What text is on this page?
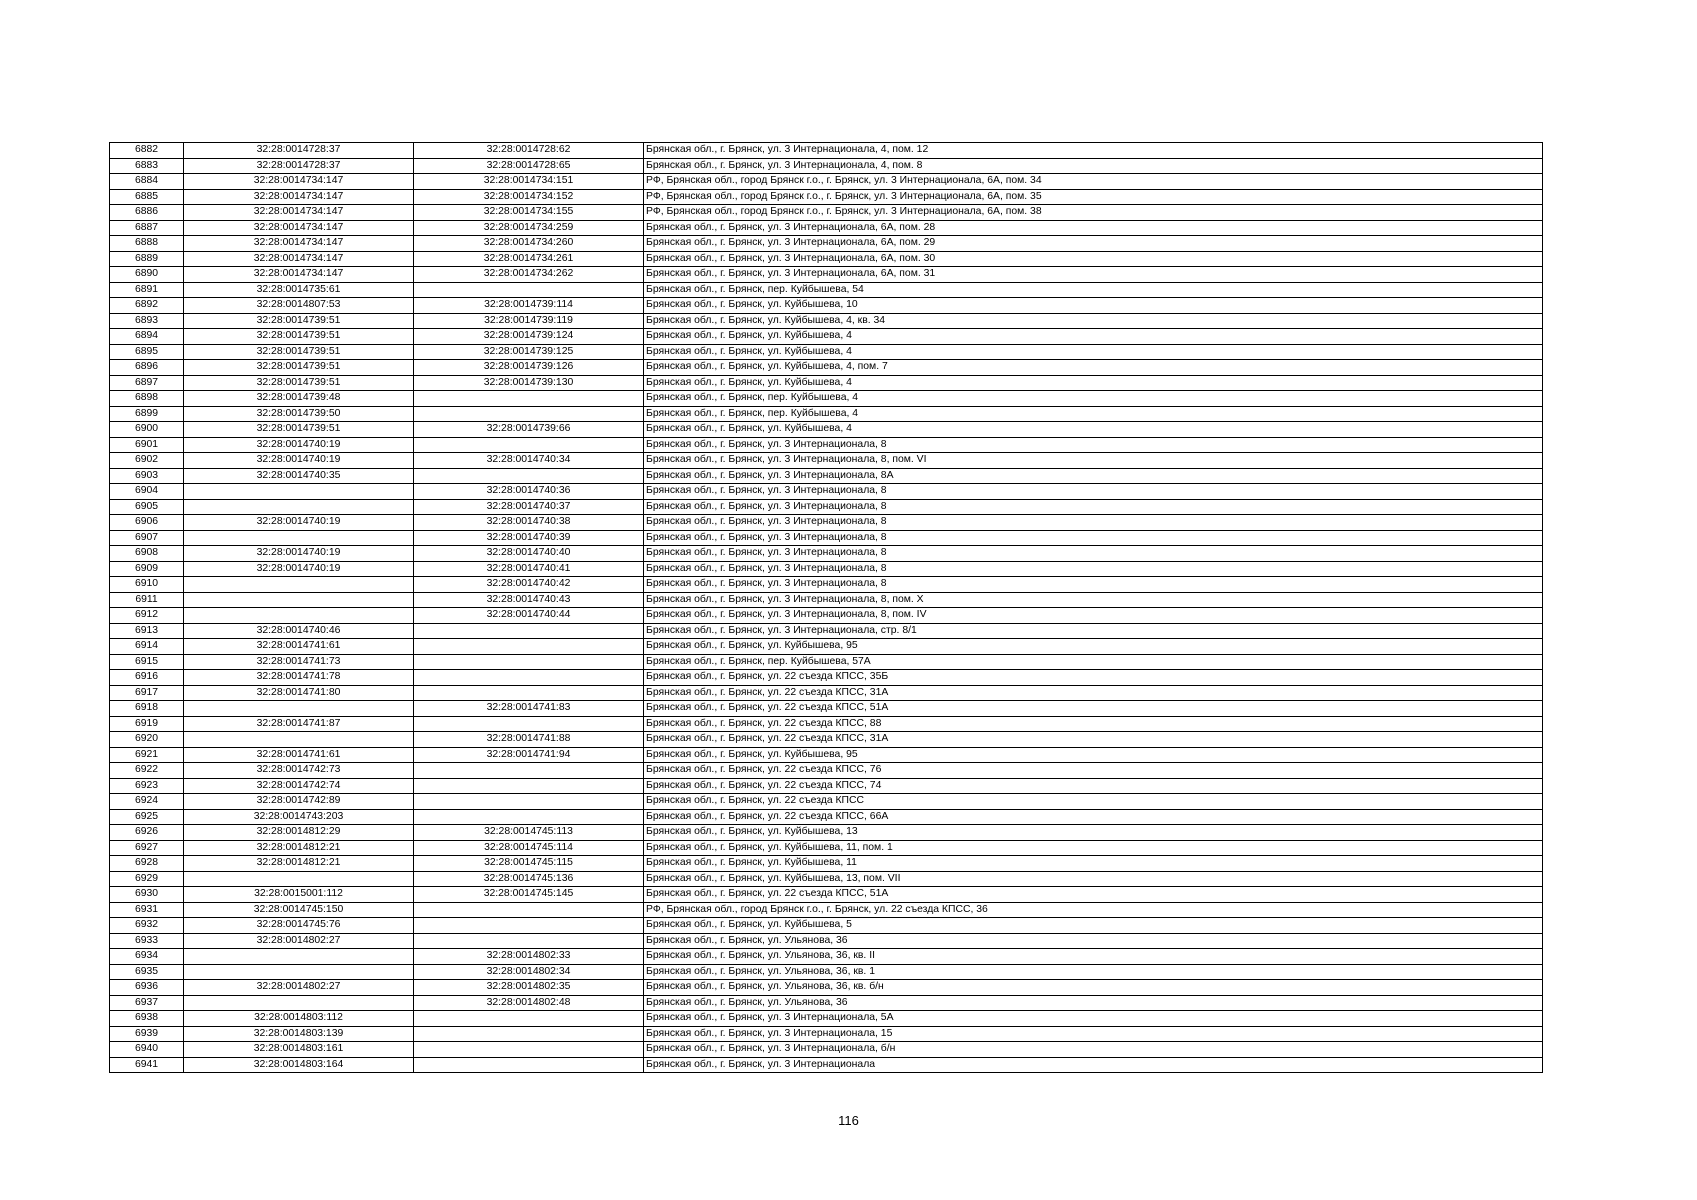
6882	32:28:0014728:37	32:28:0014728:62	Брянская обл., г. Брянск, ул. 3 Интернационала, 4, пом. 12
6883	32:28:0014728:37	32:28:0014728:65	Брянская обл., г. Брянск, ул. 3 Интернационала, 4, пом. 8
6884	32:28:0014734:147	32:28:0014734:151	РФ, Брянская обл., город Брянск г.о., г. Брянск, ул. 3 Интернационала, 6А, пом. 34
6885	32:28:0014734:147	32:28:0014734:152	РФ, Брянская обл., город Брянск г.о., г. Брянск, ул. 3 Интернационала, 6А, пом. 35
6886	32:28:0014734:147	32:28:0014734:155	РФ, Брянская обл., город Брянск г.о., г. Брянск, ул. 3 Интернационала, 6А, пом. 38
6887	32:28:0014734:147	32:28:0014734:259	Брянская обл., г. Брянск, ул. 3 Интернационала, 6А, пом. 28
6888	32:28:0014734:147	32:28:0014734:260	Брянская обл., г. Брянск, ул. 3 Интернационала, 6А, пом. 29
6889	32:28:0014734:147	32:28:0014734:261	Брянская обл., г. Брянск, ул. 3 Интернационала, 6А, пом. 30
6890	32:28:0014734:147	32:28:0014734:262	Брянская обл., г. Брянск, ул. 3 Интернационала, 6А, пом. 31
6891	32:28:0014735:61		Брянская обл., г. Брянск, пер. Куйбышева, 54
6892	32:28:0014807:53	32:28:0014739:114	Брянская обл., г. Брянск, ул. Куйбышева, 10
6893	32:28:0014739:51	32:28:0014739:119	Брянская обл., г. Брянск, ул. Куйбышева, 4, кв. 34
6894	32:28:0014739:51	32:28:0014739:124	Брянская обл., г. Брянск, ул. Куйбышева, 4
6895	32:28:0014739:51	32:28:0014739:125	Брянская обл., г. Брянск, ул. Куйбышева, 4
6896	32:28:0014739:51	32:28:0014739:126	Брянская обл., г. Брянск, ул. Куйбышева, 4, пом. 7
6897	32:28:0014739:51	32:28:0014739:130	Брянская обл., г. Брянск, ул. Куйбышева, 4
6898	32:28:0014739:48		Брянская обл., г. Брянск, пер. Куйбышева, 4
6899	32:28:0014739:50		Брянская обл., г. Брянск, пер. Куйбышева, 4
6900	32:28:0014739:51	32:28:0014739:66	Брянская обл., г. Брянск, ул. Куйбышева, 4
6901	32:28:0014740:19		Брянская обл., г. Брянск, ул. 3 Интернационала, 8
6902	32:28:0014740:19	32:28:0014740:34	Брянская обл., г. Брянск, ул. 3 Интернационала, 8, пом. VI
6903	32:28:0014740:35		Брянская обл., г. Брянск, ул. 3 Интернационала, 8А
6904		32:28:0014740:36	Брянская обл., г. Брянск, ул. 3 Интернационала, 8
6905		32:28:0014740:37	Брянская обл., г. Брянск, ул. 3 Интернационала, 8
6906	32:28:0014740:19	32:28:0014740:38	Брянская обл., г. Брянск, ул. 3 Интернационала, 8
6907		32:28:0014740:39	Брянская обл., г. Брянск, ул. 3 Интернационала, 8
6908	32:28:0014740:19	32:28:0014740:40	Брянская обл., г. Брянск, ул. 3 Интернационала, 8
6909	32:28:0014740:19	32:28:0014740:41	Брянская обл., г. Брянск, ул. 3 Интернационала, 8
6910		32:28:0014740:42	Брянская обл., г. Брянск, ул. 3 Интернационала, 8
6911		32:28:0014740:43	Брянская обл., г. Брянск, ул. 3 Интернационала, 8, пом. X
6912		32:28:0014740:44	Брянская обл., г. Брянск, ул. 3 Интернационала, 8, пом. IV
6913	32:28:0014740:46		Брянская обл., г. Брянск, ул. 3 Интернационала, стр. 8/1
6914	32:28:0014741:61		Брянская обл., г. Брянск, ул. Куйбышева, 95
6915	32:28:0014741:73		Брянская обл., г. Брянск, пер. Куйбышева, 57А
6916	32:28:0014741:78		Брянская обл., г. Брянск, ул. 22 съезда КПСС, 35Б
6917	32:28:0014741:80		Брянская обл., г. Брянск, ул. 22 съезда КПСС, 31А
6918		32:28:0014741:83	Брянская обл., г. Брянск, ул. 22 съезда КПСС, 51А
6919	32:28:0014741:87		Брянская обл., г. Брянск, ул. 22 съезда КПСС, 88
6920		32:28:0014741:88	Брянская обл., г. Брянск, ул. 22 съезда КПСС, 31А
6921	32:28:0014741:61	32:28:0014741:94	Брянская обл., г. Брянск, ул. Куйбышева, 95
6922	32:28:0014742:73		Брянская обл., г. Брянск, ул. 22 съезда КПСС, 76
6923	32:28:0014742:74		Брянская обл., г. Брянск, ул. 22 съезда КПСС, 74
6924	32:28:0014742:89		Брянская обл., г. Брянск, ул. 22 съезда КПСС
6925	32:28:0014743:203		Брянская обл., г. Брянск, ул. 22 съезда КПСС, 66А
6926	32:28:0014812:29	32:28:0014745:113	Брянская обл., г. Брянск, ул. Куйбышева, 13
6927	32:28:0014812:21	32:28:0014745:114	Брянская обл., г. Брянск, ул. Куйбышева, 11, пом. 1
6928	32:28:0014812:21	32:28:0014745:115	Брянская обл., г. Брянск, ул. Куйбышева, 11
6929		32:28:0014745:136	Брянская обл., г. Брянск, ул. Куйбышева, 13, пом. VII
6930	32:28:0015001:112	32:28:0014745:145	Брянская обл., г. Брянск, ул. 22 съезда КПСС, 51А
6931	32:28:0014745:150		РФ, Брянская обл., город Брянск г.о., г. Брянск, ул. 22 съезда КПСС, 36
6932	32:28:0014745:76		Брянская обл., г. Брянск, ул. Куйбышева, 5
6933	32:28:0014802:27		Брянская обл., г. Брянск, ул. Ульянова, 36
6934		32:28:0014802:33	Брянская обл., г. Брянск, ул. Ульянова, 36, кв. II
6935		32:28:0014802:34	Брянская обл., г. Брянск, ул. Ульянова, 36, кв. 1
6936	32:28:0014802:27	32:28:0014802:35	Брянская обл., г. Брянск, ул. Ульянова, 36, кв. б/н
6937		32:28:0014802:48	Брянская обл., г. Брянск, ул. Ульянова, 36
6938	32:28:0014803:112		Брянская обл., г. Брянск, ул. 3 Интернационала, 5А
6939	32:28:0014803:139		Брянская обл., г. Брянск, ул. 3 Интернационала, 15
6940	32:28:0014803:161		Брянская обл., г. Брянск, ул. 3 Интернационала, б/н
6941	32:28:0014803:164		Брянская обл., г. Брянск, ул. 3 Интернационала
116
